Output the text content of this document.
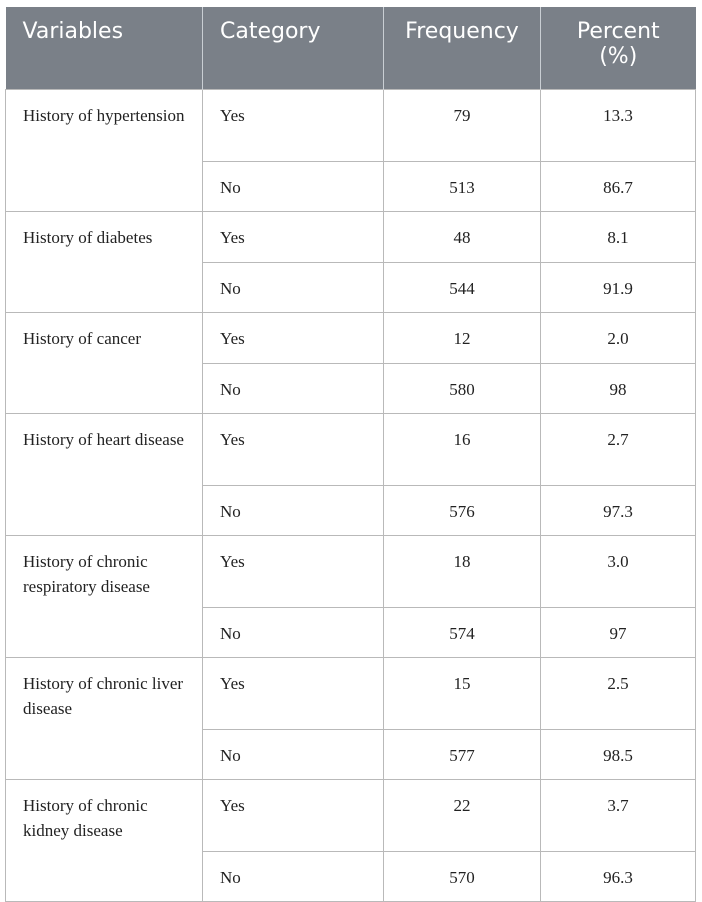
Variables	Category	Frequency	Percent
(%)
History of hypertension	Yes	79	13.3
	No	513	86.7
History of diabetes	Yes	48	8.1
	No	544	91.9
History of cancer	Yes	12	2.0
	No	580	98
History of heart disease	Yes	16	2.7
	No	576	97.3
History of chronic respiratory disease	Yes	18	3.0
	No	574	97
History of chronic liver disease	Yes	15	2.5
	No	577	98.5
History of chronic kidney disease	Yes	22	3.7
	No	570	96.3
